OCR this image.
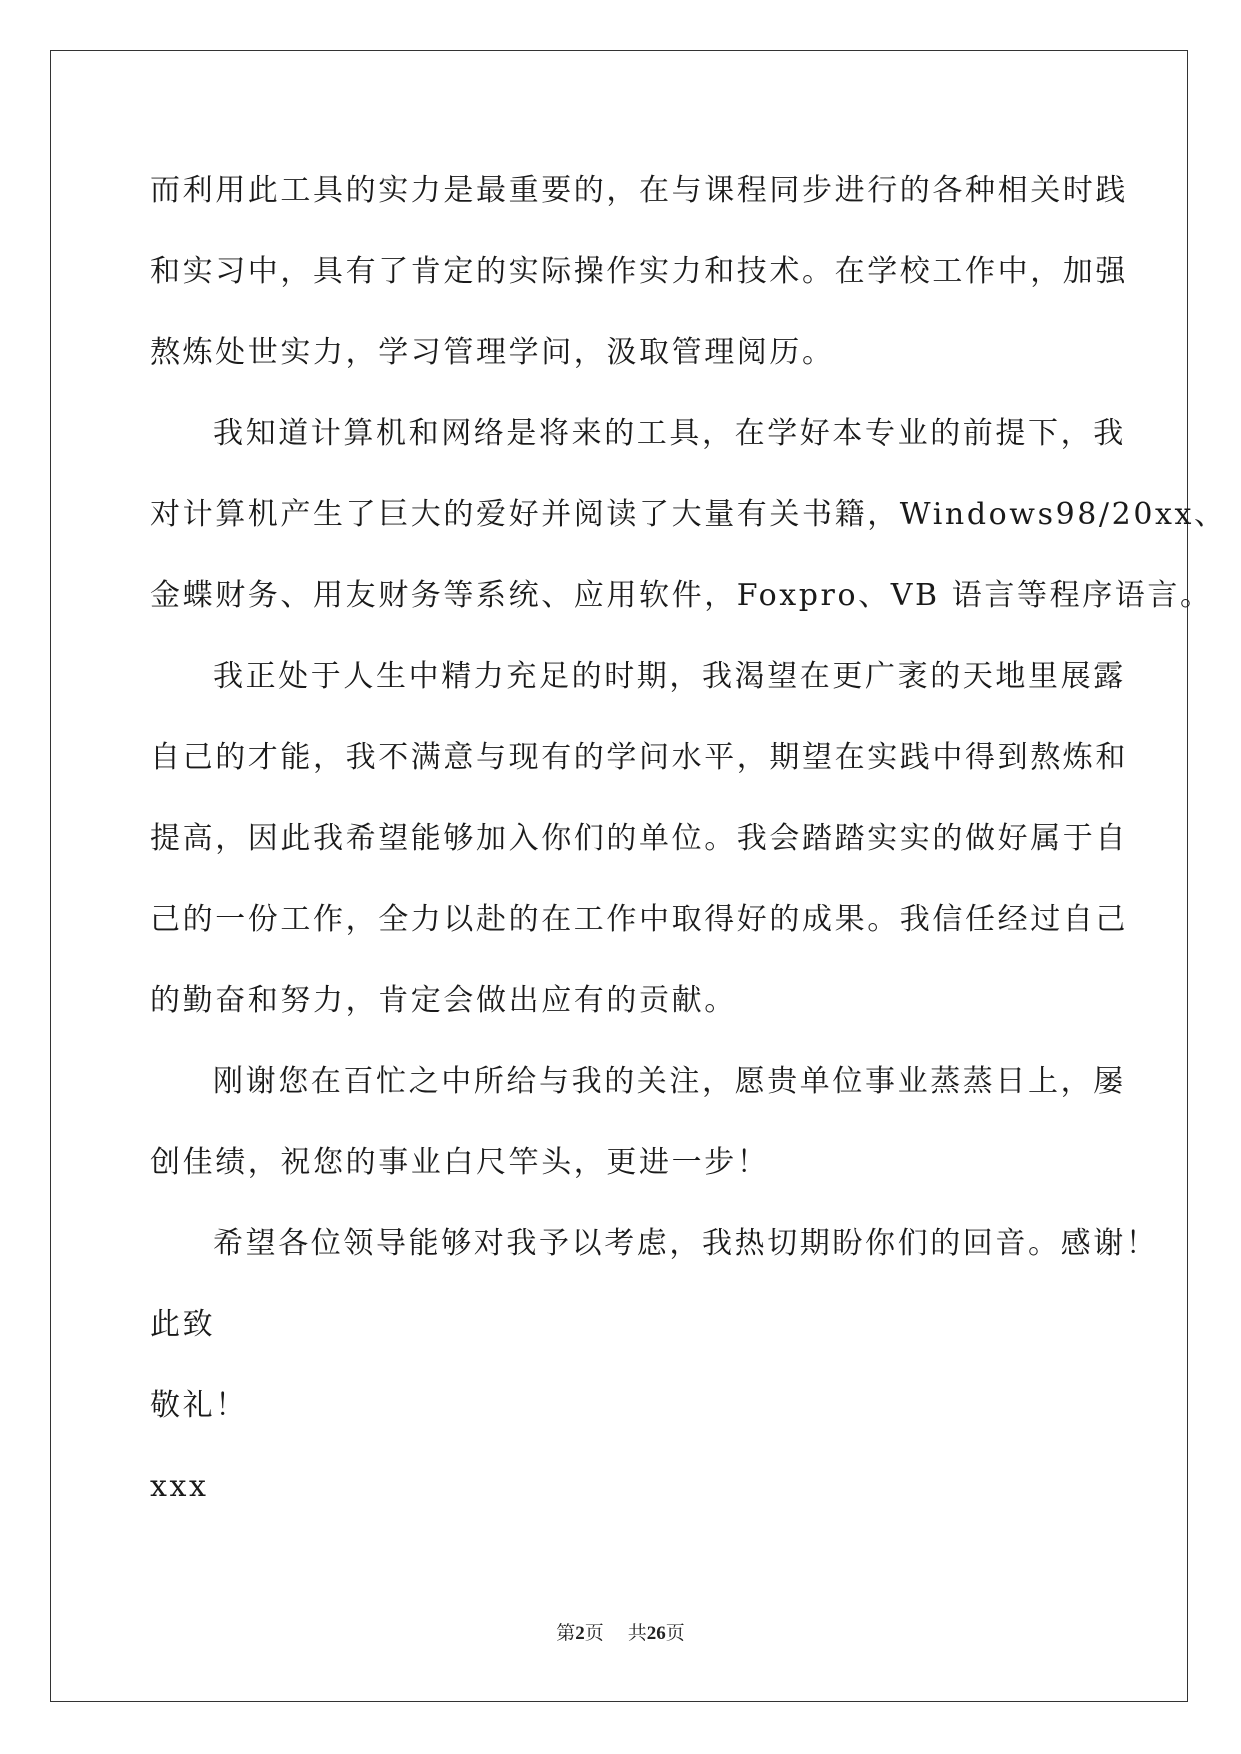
而利用此工具的实力是最重要的，在与课程同步进行的各种相关时践
和实习中，具有了肯定的实际操作实力和技术。在学校工作中，加强
熬炼处世实力，学习管理学问，汲取管理阅历。
我知道计算机和网络是将来的工具，在学好本专业的前提下，我
对计算机产生了巨大的爱好并阅读了大量有关书籍，Windows98/20xx、
金蝶财务、用友财务等系统、应用软件，Foxpro、VB 语言等程序语言。
我正处于人生中精力充足的时期，我渴望在更广袤的天地里展露
自己的才能，我不满意与现有的学问水平，期望在实践中得到熬炼和
提高，因此我希望能够加入你们的单位。我会踏踏实实的做好属于自
己的一份工作，全力以赴的在工作中取得好的成果。我信任经过自己
的勤奋和努力，肯定会做出应有的贡献。
刚谢您在百忙之中所给与我的关注，愿贵单位事业蒸蒸日上，屡
创佳绩，祝您的事业白尺竿头，更进一步！
希望各位领导能够对我予以考虑，我热切期盼你们的回音。感谢！
此致
敬礼！
xxx
第2页 共26页
